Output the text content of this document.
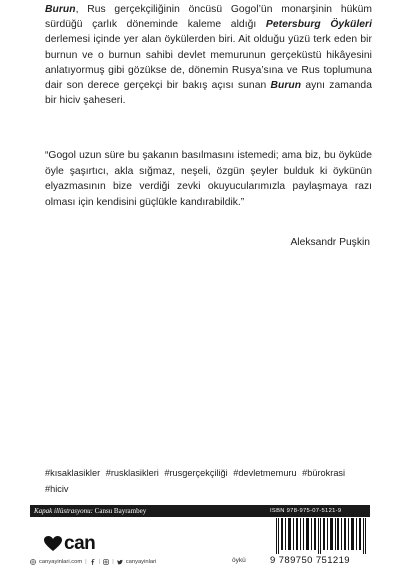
Burun, Rus gerçekçiliğinin öncüsü Gogol’ün monarşinin hüküm sürdüğü çarlık döneminde kaleme aldığı Petersburg Öyküleri derlemesi içinde yer alan öykülerden biri. Ait olduğu yüzü terk eden bir burnun ve o burnun sahibi devlet memurunun gerçeküstü hikâyesini anlatıyormuş gibi gözükse de, dönemin Rusya’sına ve Rus toplumuna dair son derece gerçekçi bir bakış açısı sunan Burun aynı zamanda bir hiciv şaheseri.

“Gogol uzun süre bu şakanın basılmasını istemedi; ama biz, bu öyküde öyle şaşırtıcı, akla sığmaz, neşeli, özgün şeyler bulduk ki öykünün elyazmasının bize verdiği zevki okuyucularımızla paylaşmaya razı olması için kendisini güçlükle kandırabildik.”

Aleksandr Puşkin

#kısaklasikler #rusklasikleri #rusgerçekçiliği #devletmemuru #bürokrasi
#hiciv

Kapak illüstrasyonu: Cansu Bayrambey	ISBN 978-975-07-5121-9
9 789750 751219
can
canyayinlari.com | | | canyayinlari	öykü
